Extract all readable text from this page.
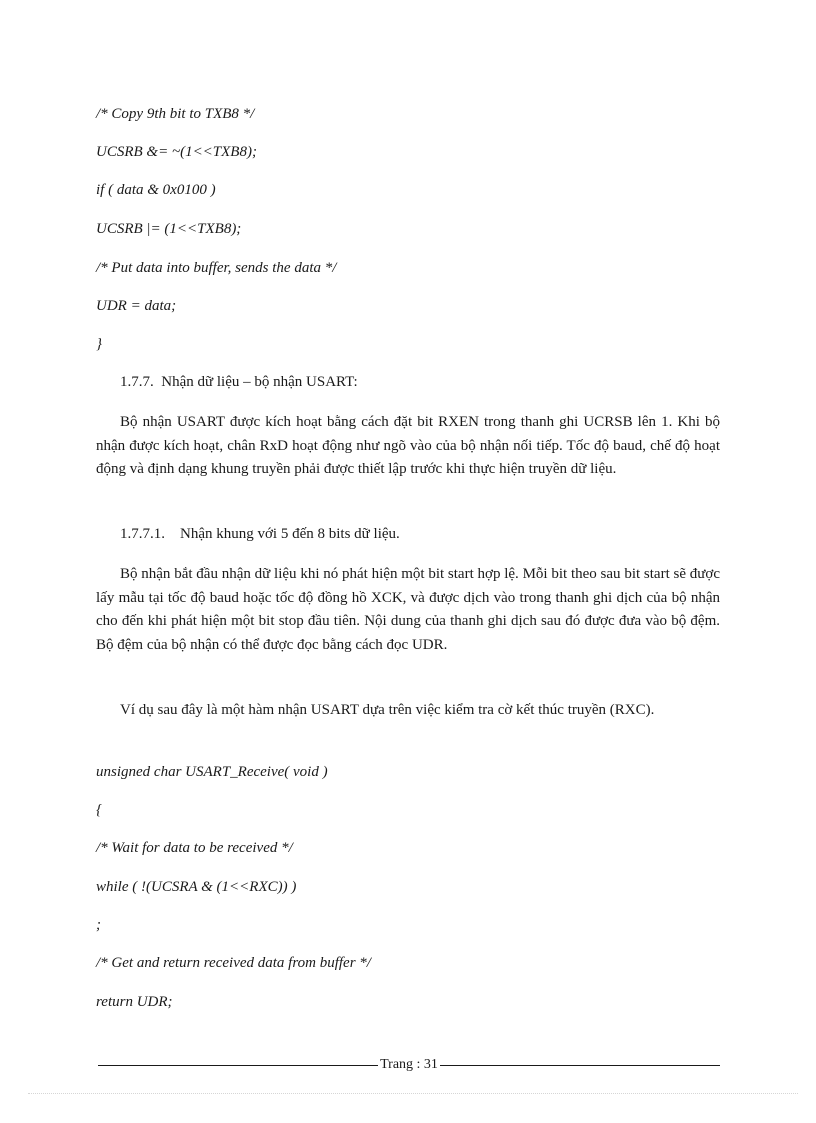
/* Copy 9th bit to TXB8 */
UCSRB &= ~(1<<TXB8);
if ( data & 0x0100 )
UCSRB |= (1<<TXB8);
/* Put data into buffer, sends the data */
UDR = data;
}
1.7.7.  Nhận dữ liệu – bộ nhận USART:
Bộ nhận USART được kích hoạt bằng cách đặt bit RXEN trong thanh ghi UCRSB lên 1. Khi bộ nhận được kích hoạt, chân RxD hoạt động như ngõ vào của bộ nhận nối tiếp. Tốc độ baud, chế độ hoạt động và định dạng khung truyền phải được thiết lập trước khi thực hiện truyền dữ liệu.
1.7.7.1.    Nhận khung với 5 đến 8 bits dữ liệu.
Bộ nhận bắt đầu nhận dữ liệu khi nó phát hiện một bit start hợp lệ. Mỗi bit theo sau bit start sẽ được lấy mẫu tại tốc độ baud hoặc tốc độ đồng hồ XCK, và được dịch vào trong thanh ghi dịch của bộ nhận cho đến khi phát hiện một bit stop đầu tiên. Nội dung của thanh ghi dịch sau đó được đưa vào bộ đệm. Bộ đệm của bộ nhận có thể được đọc bằng cách đọc UDR.
Ví dụ sau đây là một hàm nhận USART dựa trên việc kiểm tra cờ kết thúc truyền (RXC).
unsigned char USART_Receive( void )
{
/* Wait for data to be received */
while ( !(UCSRA & (1<<RXC)) )
;
/* Get and return received data from buffer */
return UDR;
Trang : 31
